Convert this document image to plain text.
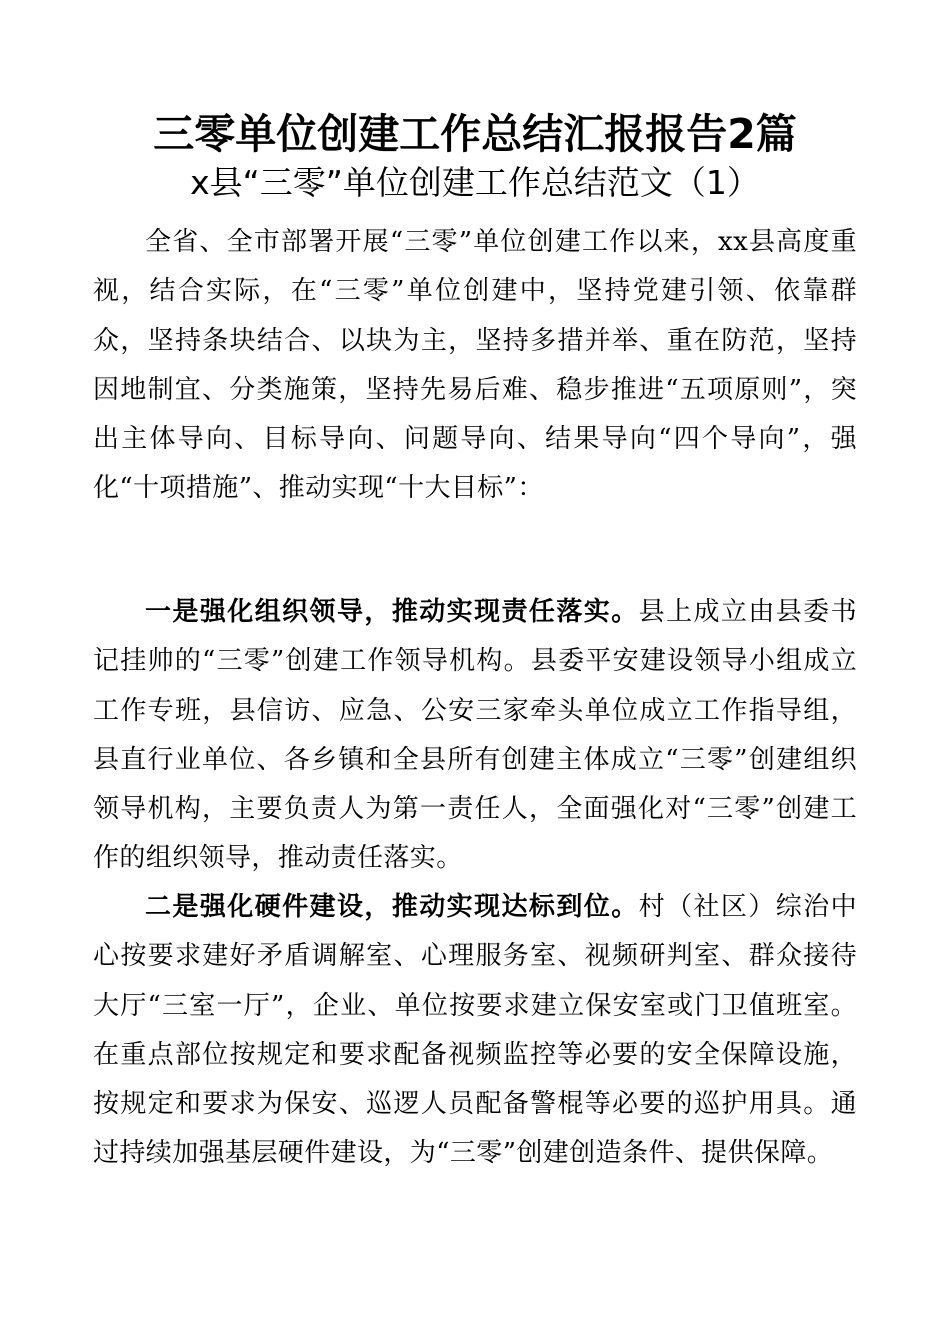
三零单位创建工作总结汇报报告2篇
x县“三零”单位创建工作总结范文（1）

全省、全市部署开展“三零”单位创建工作以来，xx县高度重视，结合实际，在“三零”单位创建中，坚持党建引领、依靠群众，坚持条块结合、以块为主，坚持多措并举、重在防范，坚持因地制宜、分类施策，坚持先易后难、稳步推进“五项原则”，突出主体导向、目标导向、问题导向、结果导向“四个导向”，强化“十项措施”、推动实现“十大目标”：

一是强化组织领导，推动实现责任落实。县上成立由县委书记挂帅的“三零”创建工作领导机构。县委平安建设领导小组成立工作专班，县信访、应急、公安三家牵头单位成立工作指导组，县直行业单位、各乡镇和全县所有创建主体成立“三零”创建组织领导机构，主要负责人为第一责任人，全面强化对“三零”创建工作的组织领导，推动责任落实。

二是强化硬件建设，推动实现达标到位。村（社区）综治中心按要求建好矛盾调解室、心理服务室、视频研判室、群众接待大厅“三室一厅”，企业、单位按要求建立保安室或门卫值班室。在重点部位按规定和要求配备视频监控等必要的安全保障设施，按规定和要求为保安、巡逻人员配备警棍等必要的巡护用具。通过持续加强基层硬件建设，为“三零”创建创造条件、提供保障。
